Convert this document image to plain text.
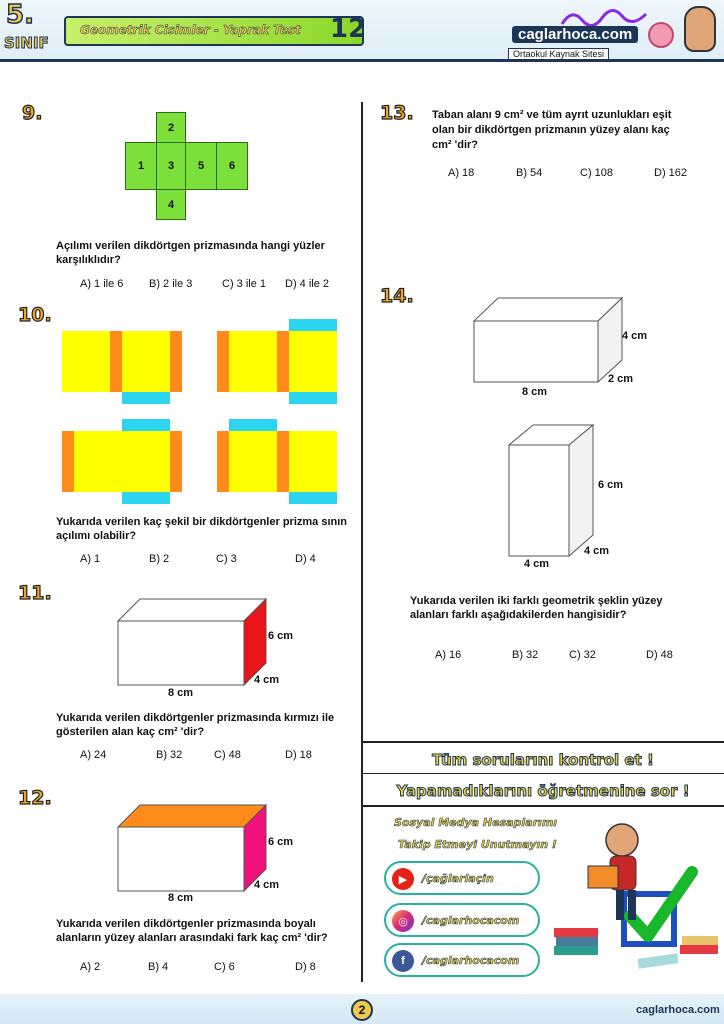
5.
SINIF
Geometrik Cisimler - Yaprak Test 12	caglarhoca.com
Ortaokul Kaynak Sitesi
9.
2
1	3	5	6
4
Açılımı verilen dikdörtgen prizmasında hangi yüzler karşılıklıdır?
A) 1 ile 6 B) 2 ile 3	C) 3 ile 1 D) 4 ile 2
10.
Yukarıda verilen kaç şekil bir dikdörtgenler prizma sının açılımı olabilir?
A) 1	B) 2	C) 3	D) 4
11.
6 cm
4 cm
8 cm
Yukarıda verilen dikdörtgenler prizmasında kırmızı ile gösterilen alan kaç cm² 'dir?
A) 24	B) 32	C) 48	D) 18
12.
6 cm
4 cm
8 cm
Yukarıda verilen dikdörtgenler prizmasında boyalı alanların yüzey alanları arasındaki fark kaç cm² 'dir?
A) 2	B) 4	C) 6	D) 8
13. Taban alanı 9 cm² ve tüm ayrıt uzunlukları eşit
olan bir dikdörtgen prizmanın yüzey alanı kaç
cm² 'dir?
A) 18	B) 54	C) 108	D) 162
14.
4 cm
2 cm
8 cm
6 cm
4 cm
4 cm
Yukarıda verilen iki farklı geometrik şeklin yüzey alanları farklı aşağıdakilerden hangisidir?
A) 16	B) 32	C) 32	D) 48
Tüm sorularını kontrol et !
Yapamadıklarını öğretmenine sor !
Sosyal Medya Hesaplarımı
Takip Etmeyi Unutmayın !
▶	/çağlarlaçin
◎	/caglarhocacom
f	/caglarhocacom
2	caglarhoca.com
